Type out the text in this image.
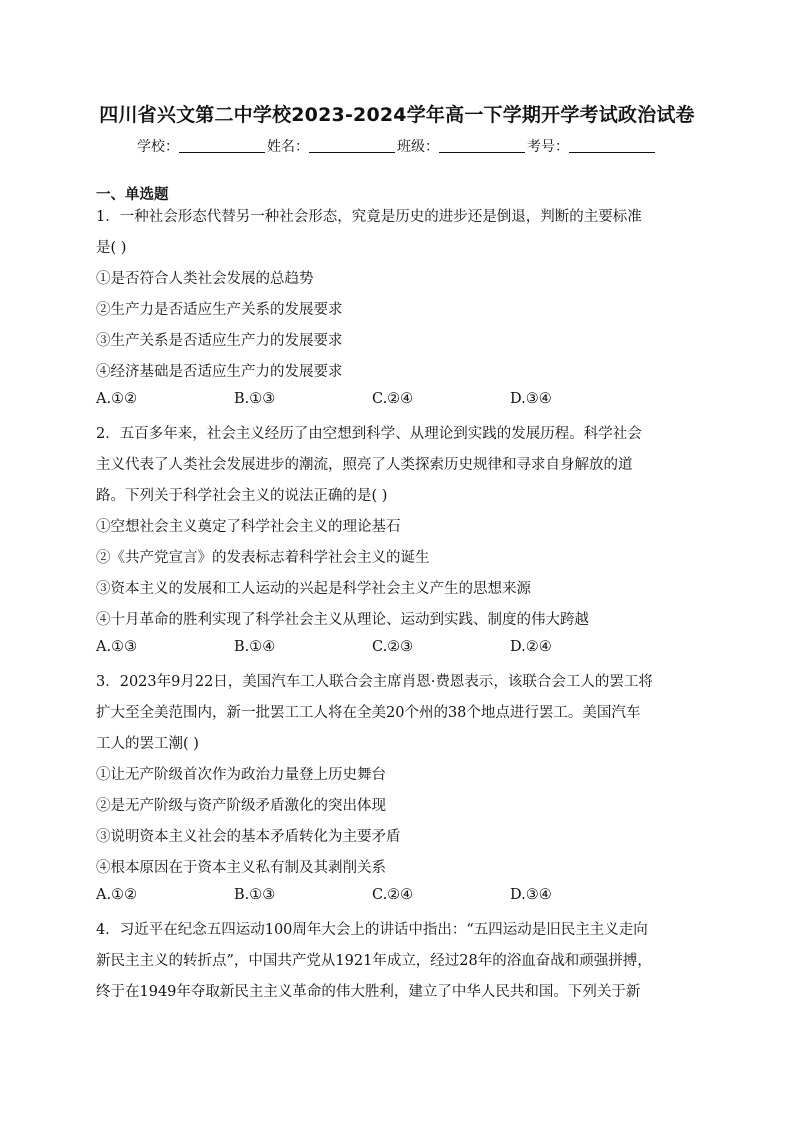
四川省兴文第二中学校2023-2024学年高一下学期开学考试政治试卷
学校：	姓名：	班级：	考号：
一、单选题
1．一种社会形态代替另一种社会形态，究竟是历史的进步还是倒退，判断的主要标准
是( )
①是否符合人类社会发展的总趋势
②生产力是否适应生产关系的发展要求
③生产关系是否适应生产力的发展要求
④经济基础是否适应生产力的发展要求
A.①②	B.①③	C.②④	D.③④
2．五百多年来，社会主义经历了由空想到科学、从理论到实践的发展历程。科学社会
主义代表了人类社会发展进步的潮流，照亮了人类探索历史规律和寻求自身解放的道
路。下列关于科学社会主义的说法正确的是( )
①空想社会主义奠定了科学社会主义的理论基石
②《共产党宣言》的发表标志着科学社会主义的诞生
③资本主义的发展和工人运动的兴起是科学社会主义产生的思想来源
④十月革命的胜利实现了科学社会主义从理论、运动到实践、制度的伟大跨越
A.①③	B.①④	C.②③	D.②④
3．2023年9月22日，美国汽车工人联合会主席肖恩·费恩表示，该联合会工人的罢工将
扩大至全美范围内，新一批罢工工人将在全美20个州的38个地点进行罢工。美国汽车
工人的罢工潮( )
①让无产阶级首次作为政治力量登上历史舞台
②是无产阶级与资产阶级矛盾激化的突出体现
③说明资本主义社会的基本矛盾转化为主要矛盾
④根本原因在于资本主义私有制及其剥削关系
A.①②	B.①③	C.②④	D.③④
4．习近平在纪念五四运动100周年大会上的讲话中指出：“五四运动是旧民主主义走向
新民主主义的转折点”，中国共产党从1921年成立，经过28年的浴血奋战和顽强拼搏，
终于在1949年夺取新民主主义革命的伟大胜利，建立了中华人民共和国。下列关于新
